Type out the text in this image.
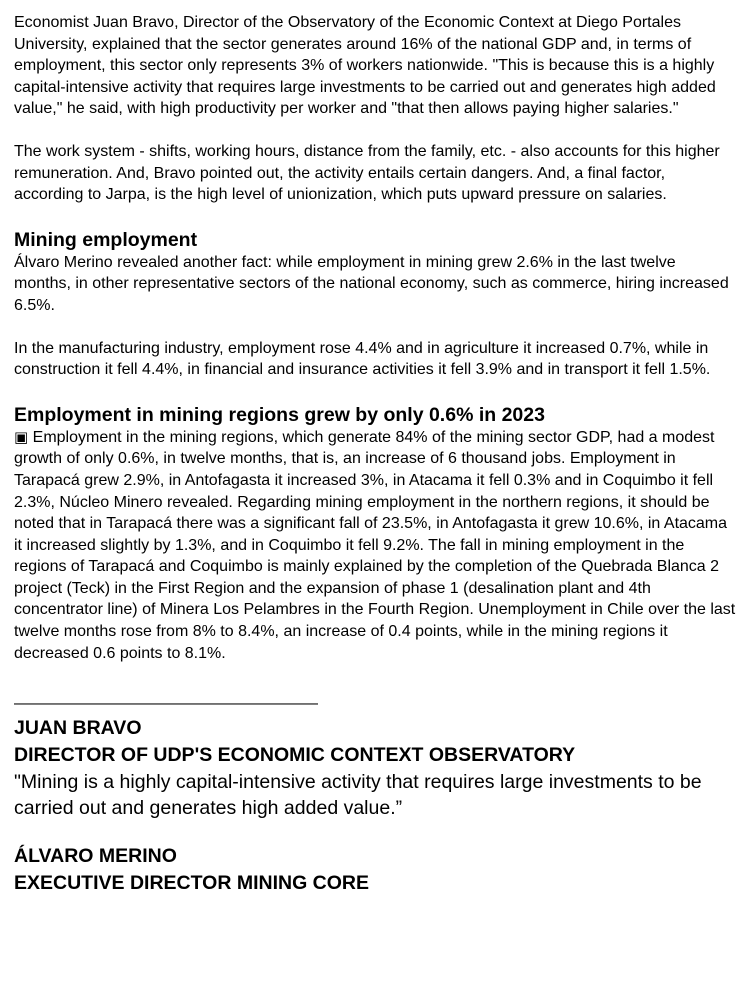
Economist Juan Bravo, Director of the Observatory of the Economic Context at Diego Portales University, explained that the sector generates around 16% of the national GDP and, in terms of employment, this sector only represents 3% of workers nationwide. "This is because this is a highly capital-intensive activity that requires large investments to be carried out and generates high added value," he said, with high productivity per worker and "that then allows paying higher salaries."

The work system - shifts, working hours, distance from the family, etc. - also accounts for this higher remuneration. And, Bravo pointed out, the activity entails certain dangers. And, a final factor, according to Jarpa, is the high level of unionization, which puts upward pressure on salaries.

Mining employment

Álvaro Merino revealed another fact: while employment in mining grew 2.6% in the last twelve months, in other representative sectors of the national economy, such as commerce, hiring increased 6.5%.

In the manufacturing industry, employment rose 4.4% and in agriculture it increased 0.7%, while in construction it fell 4.4%, in financial and insurance activities it fell 3.9% and in transport it fell 1.5%.

Employment in mining regions grew by only 0.6% in 2023

▣ Employment in the mining regions, which generate 84% of the mining sector GDP, had a modest growth of only 0.6%, in twelve months, that is, an increase of 6 thousand jobs. Employment in Tarapacá grew 2.9%, in Antofagasta it increased 3%, in Atacama it fell 0.3% and in Coquimbo it fell 2.3%, Núcleo Minero revealed. Regarding mining employment in the northern regions, it should be noted that in Tarapacá there was a significant fall of 23.5%, in Antofagasta it grew 10.6%, in Atacama it increased slightly by 1.3%, and in Coquimbo it fell 9.2%. The fall in mining employment in the regions of Tarapacá and Coquimbo is mainly explained by the completion of the Quebrada Blanca 2 project (Teck) in the First Region and the expansion of phase 1 (desalination plant and 4th concentrator line) of Minera Los Pelambres in the Fourth Region. Unemployment in Chile over the last twelve months rose from 8% to 8.4%, an increase of 0.4 points, while in the mining regions it decreased 0.6 points to 8.1%.

———————————————————

JUAN BRAVO

DIRECTOR OF UDP'S ECONOMIC CONTEXT OBSERVATORY

"Mining is a highly capital-intensive activity that requires large investments to be carried out and generates high added value.”

ÁLVARO MERINO

EXECUTIVE DIRECTOR MINING CORE
